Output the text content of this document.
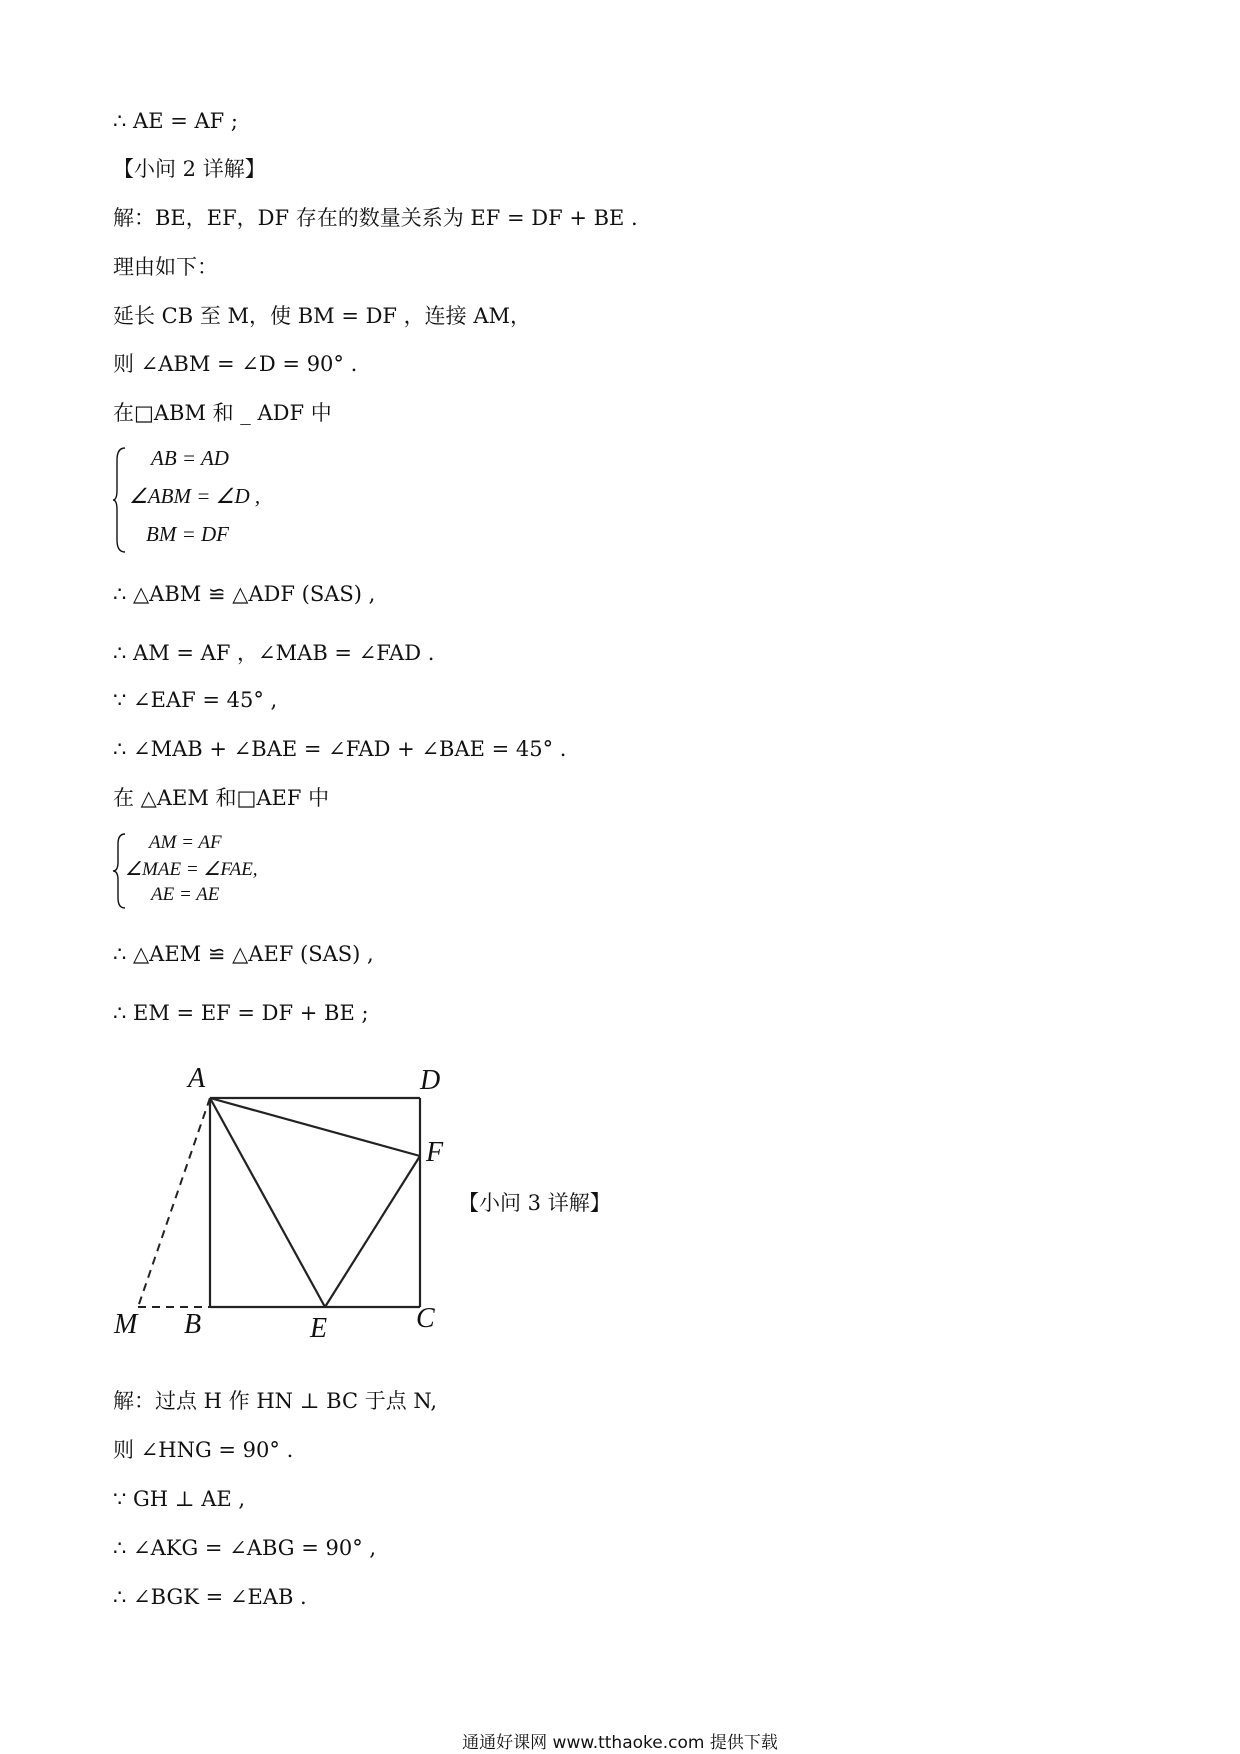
∴ AE = AF ;
【小问 2 详解】
解：BE，EF，DF 存在的数量关系为 EF = DF + BE .
理由如下：
延长 CB 至 M，使 BM = DF ，连接 AM，
则 ∠ABM = ∠D = 90° .
在□ABM 和 _ ADF 中
AB = AD
∠ABM = ∠D ,
BM = DF
∴ △ABM ≌ △ADF (SAS) ,
∴ AM = AF ，∠MAB = ∠FAD .
∵ ∠EAF = 45° ,
∴ ∠MAB + ∠BAE = ∠FAD + ∠BAE = 45° .
在 △AEM 和□AEF 中
AM = AF
∠MAE = ∠FAE,
AE = AE
∴ △AEM ≌ △AEF (SAS) ,
∴ EM = EF = DF + BE ;
A	D
F
M B	E	C
【小问 3 详解】
解：过点 H 作 HN ⊥ BC 于点 N,
则 ∠HNG = 90° .
∵ GH ⊥ AE ,
∴ ∠AKG = ∠ABG = 90° ,
∴ ∠BGK = ∠EAB .
通通好课网 www.tthaoke.com 提供下载
